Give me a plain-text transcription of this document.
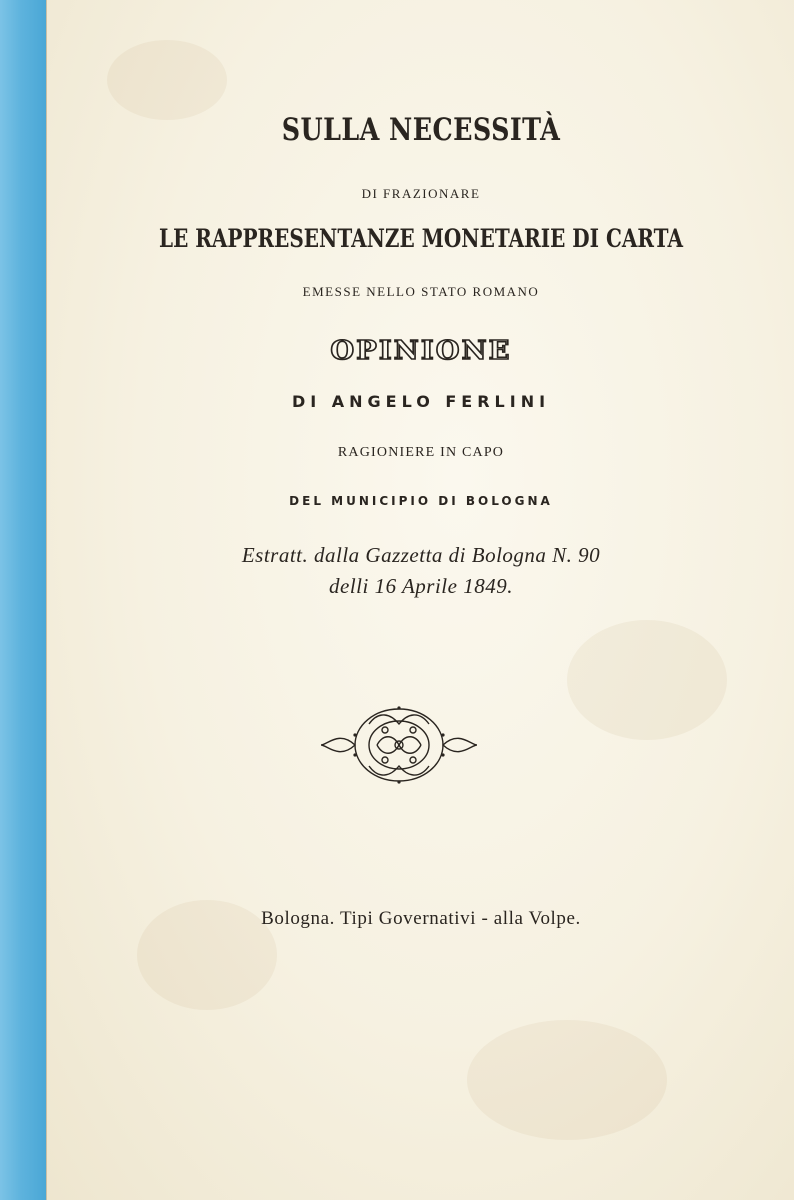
SULLA NECESSITÀ

DI FRAZIONARE

LE RAPPRESENTANZE MONETARIE DI CARTA

EMESSE NELLO STATO ROMANO

OPINIONE

DI ANGELO FERLINI

RAGIONIERE IN CAPO

DEL MUNICIPIO DI BOLOGNA

Estratt. dalla Gazzetta di Bologna N. 90

delli 16 Aprile 1849.

Bologna. Tipi Governativi - alla Volpe.
